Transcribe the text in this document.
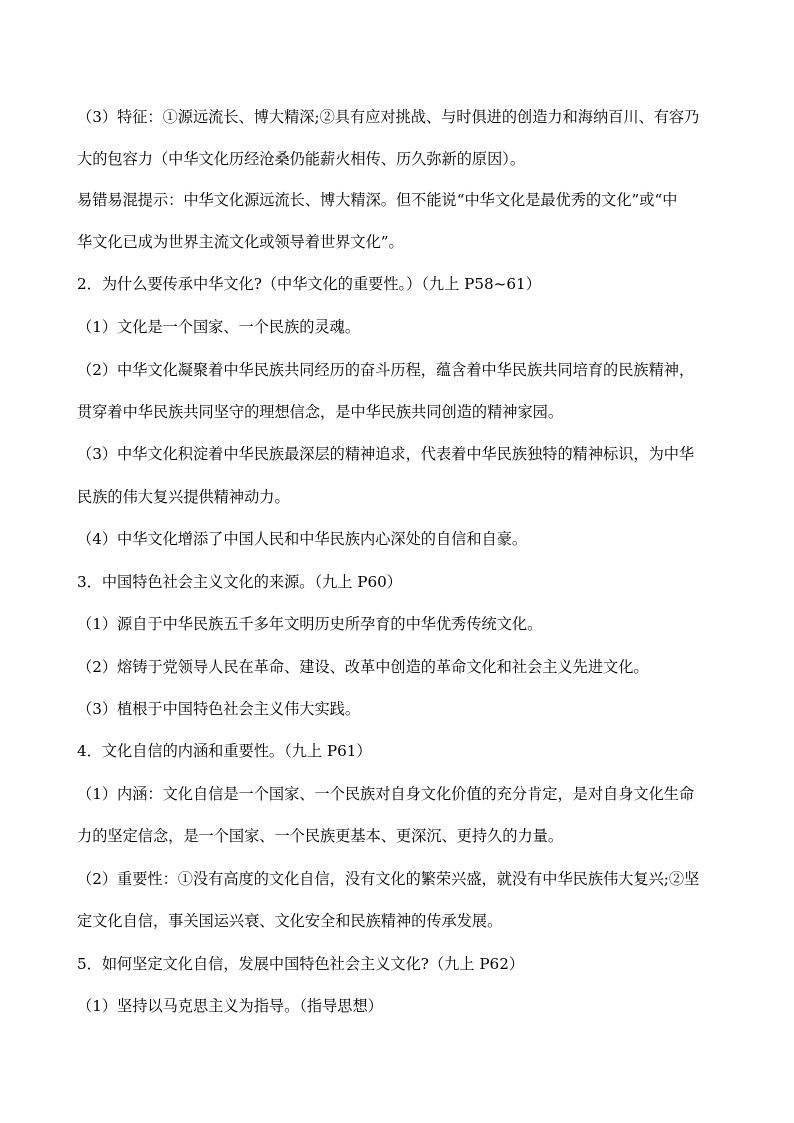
（3）特征：①源远流长、博大精深;②具有应对挑战、与时俱进的创造力和海纳百川、有容乃
大的包容力（中华文化历经沧桑仍能薪火相传、历久弥新的原因）。
易错易混提示：中华文化源远流长、博大精深。但不能说“中华文化是最优秀的文化”或“中
华文化已成为世界主流文化或领导着世界文化”。
2．为什么要传承中华文化?（中华文化的重要性。）（九上 P58~61）
（1）文化是一个国家、一个民族的灵魂。
（2）中华文化凝聚着中华民族共同经历的奋斗历程，蕴含着中华民族共同培育的民族精神，
贯穿着中华民族共同坚守的理想信念，是中华民族共同创造的精神家园。
（3）中华文化积淀着中华民族最深层的精神追求，代表着中华民族独特的精神标识，为中华
民族的伟大复兴提供精神动力。
（4）中华文化增添了中国人民和中华民族内心深处的自信和自豪。
3．中国特色社会主义文化的来源。（九上 P60）
（1）源自于中华民族五千多年文明历史所孕育的中华优秀传统文化。
（2）熔铸于党领导人民在革命、建设、改革中创造的革命文化和社会主义先进文化。
（3）植根于中国特色社会主义伟大实践。
4．文化自信的内涵和重要性。（九上 P61）
（1）内涵：文化自信是一个国家、一个民族对自身文化价值的充分肯定，是对自身文化生命
力的坚定信念，是一个国家、一个民族更基本、更深沉、更持久的力量。
（2）重要性：①没有高度的文化自信，没有文化的繁荣兴盛，就没有中华民族伟大复兴;②坚
定文化自信，事关国运兴衰、文化安全和民族精神的传承发展。
5．如何坚定文化自信，发展中国特色社会主义文化?（九上 P62）
（1）坚持以马克思主义为指导。（指导思想）
